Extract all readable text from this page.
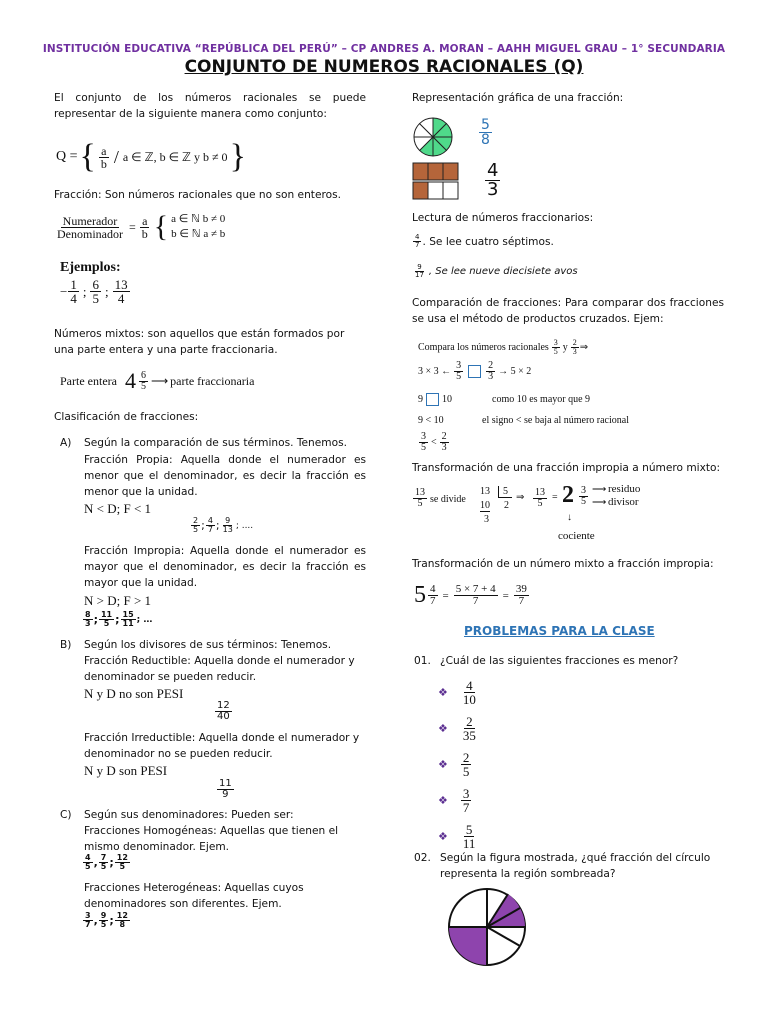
INSTITUCIÓN EDUCATIVA “REPÚBLICA DEL PERÚ” – CP ANDRES A. MORAN – AAHH MIGUEL GRAU – 1° SECUNDARIA
CONJUNTO DE NUMEROS RACIONALES (Q)
El conjunto de los números racionales se puede representar de la siguiente manera como conjunto:
Q = { $\frac{a}{b}$ / a ∈ ℤ, b ∈ ℤ y b ≠ 0 }
Fracción: Son números racionales que no son enteros.
$\frac{\text{Numerador}}{\text{Denominador}} = \frac{a}{b}$ { a ∈ ℕ b ≠ 0
b ∈ ℕ a ≠ b
Ejemplos:
− $\frac{1}{4}$ ; $\frac{6}{5}$ ; $\frac{13}{4}$
Números mixtos: son aquellos que están formados por una parte entera y una parte fraccionaria.
Parte entera $4 \frac{6}{5}$ ⟶ parte fraccionaria
Clasificación de fracciones:
A) Según la comparación de sus términos. Tenemos.
Fracción Propia: Aquella donde el numerador es menor que el denominador, es decir la fracción es menor que la unidad.
N < D; F < 1
$\frac{2}{5}$ ; $\frac{4}{7}$ ; $\frac{9}{13}$ ; ....
Fracción Impropia: Aquella donde el numerador es mayor que el denominador, es decir la fracción es mayor que la unidad.
N > D; F > 1
$\frac{8}{3}$ ; $\frac{11}{5}$ ; $\frac{15}{11}$ ; …
B) Según los divisores de sus términos: Tenemos.
Fracción Reductible: Aquella donde el numerador y denominador se pueden reducir.
N y D no son PESI
$\frac{12}{40}$
Fracción Irreductible: Aquella donde el numerador y denominador no se pueden reducir.
N y D son PESI
$\frac{11}{9}$
C) Según sus denominadores: Pueden ser:
Fracciones Homogéneas: Aquellas que tienen el mismo denominador. Ejem.
$\frac{4}{5}$ , $\frac{7}{5}$ ; $\frac{12}{5}$
Fracciones Heterogéneas: Aquellas cuyos denominadores son diferentes. Ejem.
$\frac{3}{7}$ , $\frac{9}{5}$ ; $\frac{12}{8}$
Representación gráfica de una fracción:
$\frac{5}{8}$
$\frac{4}{3}$
Lectura de números fraccionarios:
$\frac{4}{7}$ . Se lee cuatro séptimos.
$\frac{9}{17}$ , Se lee nueve diecisiete avos
Comparación de fracciones: Para comparar dos fracciones se usa el método de productos cruzados. Ejem:
Compara los números racionales $\frac{3}{5}$ y $\frac{2}{3}$ ⇒
3 × 3 ← $\frac{3}{5} \frac{2}{3} \to 5 \times 2$
9 10	como 10 es mayor que 9
9 < 10	el signo < se baja al número racional
$\frac{3}{5} < \frac{2}{3}$
Transformación de una fracción impropia a número mixto:
$\frac{13}{5}$ se divide
13	5
10 2
3
⇒ $\frac{13}{5} = 2 \frac{3}{5}$ ⟶ residuo
⟶ divisor
↓
cociente
Transformación de un número mixto a fracción impropia:
$5 \frac{4}{7} = \frac{5 \times 7 + 4}{7} = \frac{39}{7}$
PROBLEMAS PARA LA CLASE
01. ¿Cuál de las siguientes fracciones es menor?
❖ $\frac{4}{10}$
❖ $\frac{2}{35}$
❖ $\frac{2}{5}$
❖ $\frac{3}{7}$
❖ $\frac{5}{11}$
02. Según la figura mostrada, ¿qué fracción del círculo representa la región sombreada?
